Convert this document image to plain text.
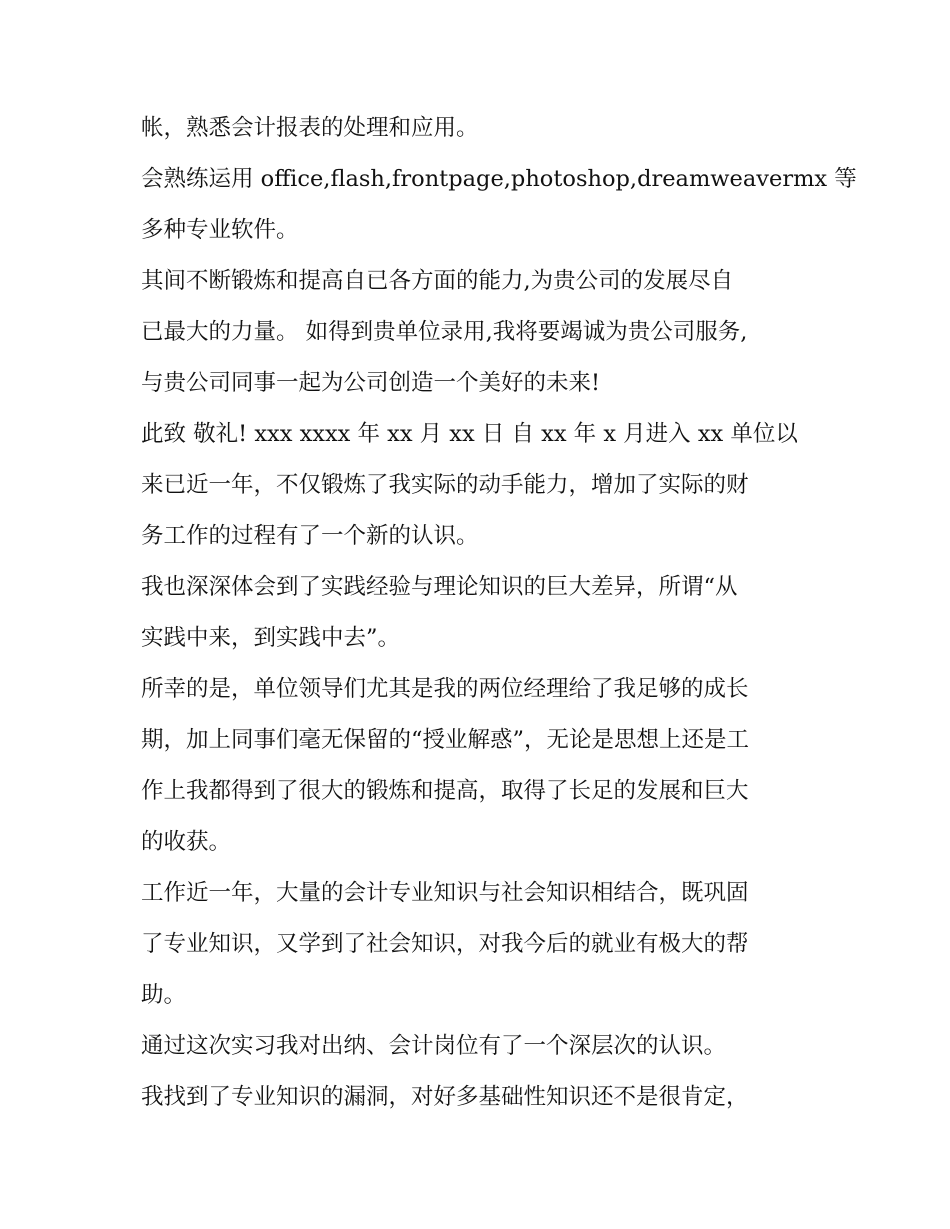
帐，熟悉会计报表的处理和应用。

会熟练运用 office,flash,frontpage,photoshop,dreamweavermx 等

多种专业软件。

其间不断锻炼和提高自已各方面的能力,为贵公司的发展尽自

已最大的力量。 如得到贵单位录用,我将要竭诚为贵公司服务,

与贵公司同事一起为公司创造一个美好的未来!

此致 敬礼! xxx xxxx 年 xx 月 xx 日 自 xx 年 x 月进入 xx 单位以

来已近一年，不仅锻炼了我实际的动手能力，增加了实际的财

务工作的过程有了一个新的认识。

我也深深体会到了实践经验与理论知识的巨大差异，所谓“从

实践中来，到实践中去”。

所幸的是，单位领导们尤其是我的两位经理给了我足够的成长

期，加上同事们毫无保留的“授业解惑”，无论是思想上还是工

作上我都得到了很大的锻炼和提高，取得了长足的发展和巨大

的收获。

工作近一年，大量的会计专业知识与社会知识相结合，既巩固

了专业知识，又学到了社会知识，对我今后的就业有极大的帮

助。

通过这次实习我对出纳、会计岗位有了一个深层次的认识。

我找到了专业知识的漏洞，对好多基础性知识还不是很肯定，
